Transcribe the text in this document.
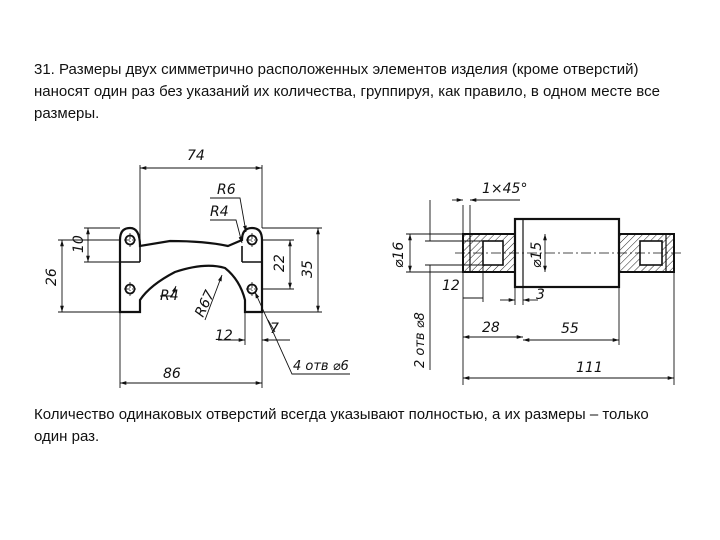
31. Размеры двух симметрично расположенных элементов изделия (кроме отверстий) наносят один раз без указаний их количества, группируя, как правило, в одном месте все размеры.

74
R6
R4
26
10
22 35
R4 R67
12
86
7
4 отв ⌀6
1×45°
⌀16	⌀15
2 отв ⌀8
12
3
28	55
111

Количество одинаковых отверстий всегда указывают полностью, а их размеры – только один раз.
